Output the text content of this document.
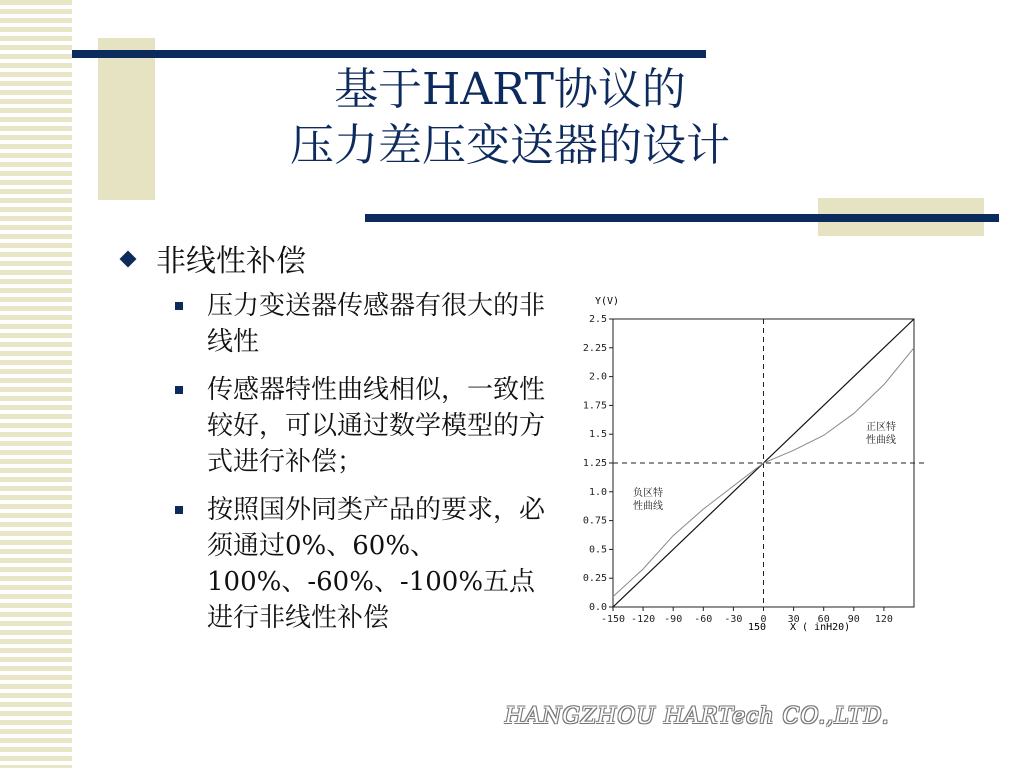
基于HART协议的
压力差压变送器的设计
非线性补偿
压力变送器传感器有很大的非线性
传感器特性曲线相似，一致性较好，可以通过数学模型的方式进行补偿；
按照国外同类产品的要求，必须通过0%、60%、100%、-60%、-100%五点进行非线性补偿
Y(V)
X ( inH20)
150
2.5
2.25
2.0
1.75
1.5
1.25
1.0
0.75
0.5
0.25
0.0
-150 -120 -90 -60 -30 0 30 60 90 120
正区特
性曲线
负区特
性曲线
HANGZHOU HARTech CO.,LTD.
